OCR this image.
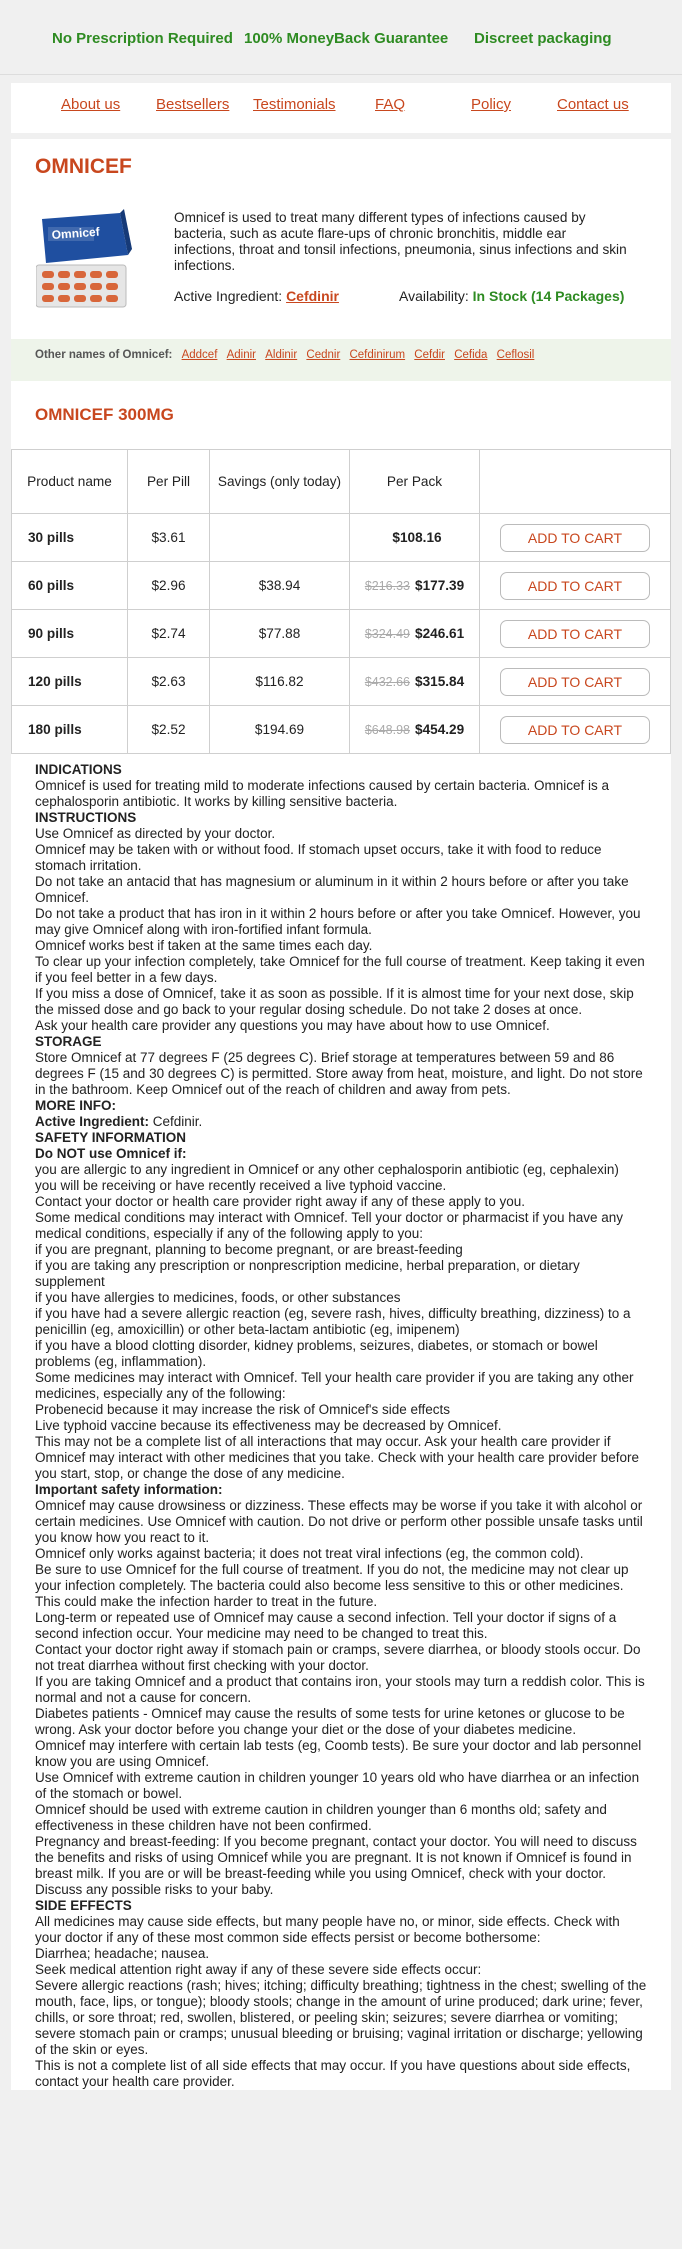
No Prescription Required 100% MoneyBack Guarantee Discreet packaging
About us Bestsellers Testimonials	FAQ	Policy	Contact us
OMNICEF
Omnicef
Omnicef is used to treat many different types of infections caused by bacteria, such as acute flare-ups of chronic bronchitis, middle ear infections, throat and tonsil infections, pneumonia, sinus infections and skin infections.
Active Ingredient: Cefdinir	Availability: In Stock (14 Packages)
Other names of Omnicef: Addcef Adinir Aldinir Cednir Cefdinirum Cefdir Cefida Ceflosil
OMNICEF 300MG
Product name	Per Pill	Savings (only today)	Per Pack	
30 pills	$3.61		$108.16	ADD TO CART
60 pills	$2.96	$38.94	$216.33 $177.39	ADD TO CART
90 pills	$2.74	$77.88	$324.49 $246.61	ADD TO CART
120 pills	$2.63	$116.82	$432.66 $315.84	ADD TO CART
180 pills	$2.52	$194.69	$648.98 $454.29	ADD TO CART

INDICATIONS

Omnicef is used for treating mild to moderate infections caused by certain bacteria. Omnicef is a cephalosporin antibiotic. It works by killing sensitive bacteria.

INSTRUCTIONS

Use Omnicef as directed by your doctor.

Omnicef may be taken with or without food. If stomach upset occurs, take it with food to reduce stomach irritation.

Do not take an antacid that has magnesium or aluminum in it within 2 hours before or after you take Omnicef.

Do not take a product that has iron in it within 2 hours before or after you take Omnicef. However, you may give Omnicef along with iron-fortified infant formula.

Omnicef works best if taken at the same times each day.

To clear up your infection completely, take Omnicef for the full course of treatment. Keep taking it even if you feel better in a few days.

If you miss a dose of Omnicef, take it as soon as possible. If it is almost time for your next dose, skip the missed dose and go back to your regular dosing schedule. Do not take 2 doses at once.

Ask your health care provider any questions you may have about how to use Omnicef.

STORAGE

Store Omnicef at 77 degrees F (25 degrees C). Brief storage at temperatures between 59 and 86 degrees F (15 and 30 degrees C) is permitted. Store away from heat, moisture, and light. Do not store in the bathroom. Keep Omnicef out of the reach of children and away from pets.

MORE INFO:

Active Ingredient: Cefdinir.

SAFETY INFORMATION

Do NOT use Omnicef if:

you are allergic to any ingredient in Omnicef or any other cephalosporin antibiotic (eg, cephalexin)

you will be receiving or have recently received a live typhoid vaccine.

Contact your doctor or health care provider right away if any of these apply to you.

Some medical conditions may interact with Omnicef. Tell your doctor or pharmacist if you have any medical conditions, especially if any of the following apply to you:

if you are pregnant, planning to become pregnant, or are breast-feeding

if you are taking any prescription or nonprescription medicine, herbal preparation, or dietary supplement

if you have allergies to medicines, foods, or other substances

if you have had a severe allergic reaction (eg, severe rash, hives, difficulty breathing, dizziness) to a penicillin (eg, amoxicillin) or other beta-lactam antibiotic (eg, imipenem)

if you have a blood clotting disorder, kidney problems, seizures, diabetes, or stomach or bowel problems (eg, inflammation).

Some medicines may interact with Omnicef. Tell your health care provider if you are taking any other medicines, especially any of the following:

Probenecid because it may increase the risk of Omnicef's side effects

Live typhoid vaccine because its effectiveness may be decreased by Omnicef.

This may not be a complete list of all interactions that may occur. Ask your health care provider if Omnicef may interact with other medicines that you take. Check with your health care provider before you start, stop, or change the dose of any medicine.

Important safety information:

Omnicef may cause drowsiness or dizziness. These effects may be worse if you take it with alcohol or certain medicines. Use Omnicef with caution. Do not drive or perform other possible unsafe tasks until you know how you react to it.

Omnicef only works against bacteria; it does not treat viral infections (eg, the common cold).

Be sure to use Omnicef for the full course of treatment. If you do not, the medicine may not clear up your infection completely. The bacteria could also become less sensitive to this or other medicines. This could make the infection harder to treat in the future.

Long-term or repeated use of Omnicef may cause a second infection. Tell your doctor if signs of a second infection occur. Your medicine may need to be changed to treat this.

Contact your doctor right away if stomach pain or cramps, severe diarrhea, or bloody stools occur. Do not treat diarrhea without first checking with your doctor.

If you are taking Omnicef and a product that contains iron, your stools may turn a reddish color. This is normal and not a cause for concern.

Diabetes patients - Omnicef may cause the results of some tests for urine ketones or glucose to be wrong. Ask your doctor before you change your diet or the dose of your diabetes medicine.

Omnicef may interfere with certain lab tests (eg, Coomb tests). Be sure your doctor and lab personnel know you are using Omnicef.

Use Omnicef with extreme caution in children younger 10 years old who have diarrhea or an infection of the stomach or bowel.

Omnicef should be used with extreme caution in children younger than 6 months old; safety and effectiveness in these children have not been confirmed.

Pregnancy and breast-feeding: If you become pregnant, contact your doctor. You will need to discuss the benefits and risks of using Omnicef while you are pregnant. It is not known if Omnicef is found in breast milk. If you are or will be breast-feeding while you using Omnicef, check with your doctor. Discuss any possible risks to your baby.

SIDE EFFECTS

All medicines may cause side effects, but many people have no, or minor, side effects. Check with your doctor if any of these most common side effects persist or become bothersome:

Diarrhea; headache; nausea.

Seek medical attention right away if any of these severe side effects occur:

Severe allergic reactions (rash; hives; itching; difficulty breathing; tightness in the chest; swelling of the mouth, face, lips, or tongue); bloody stools; change in the amount of urine produced; dark urine; fever, chills, or sore throat; red, swollen, blistered, or peeling skin; seizures; severe diarrhea or vomiting; severe stomach pain or cramps; unusual bleeding or bruising; vaginal irritation or discharge; yellowing of the skin or eyes.

This is not a complete list of all side effects that may occur. If you have questions about side effects, contact your health care provider.
